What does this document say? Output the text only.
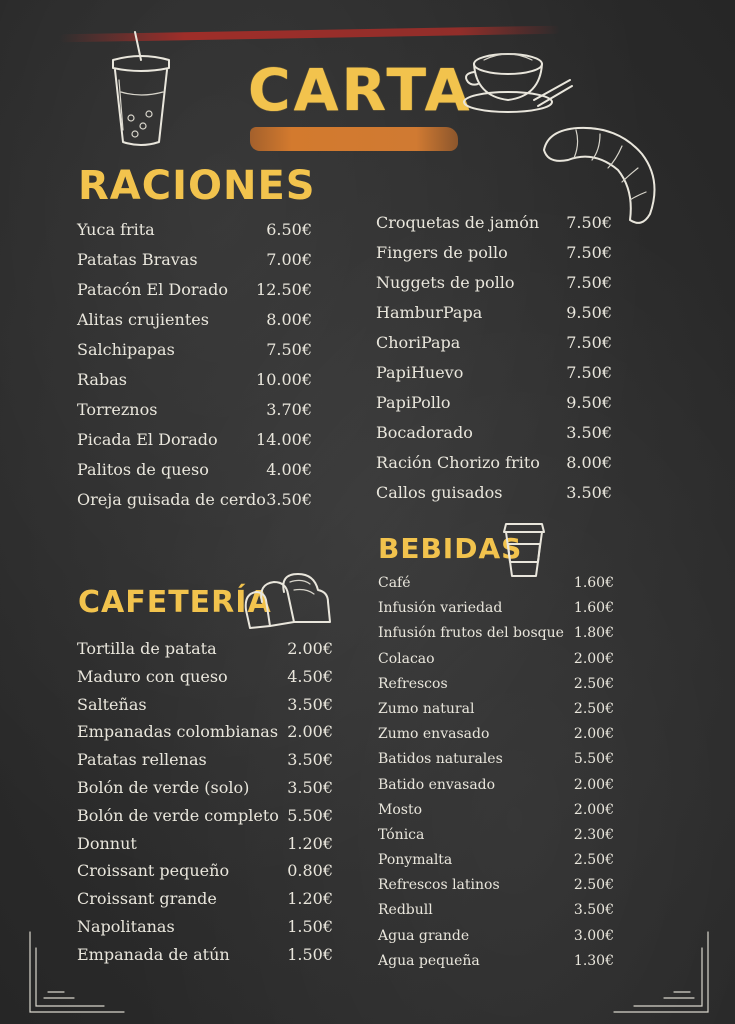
CARTA
RACIONES
Yuca frita	6.50€
Patatas Bravas	7.00€
Patacón El Dorado 12.50€
Alitas crujientes	8.00€
Salchipapas	7.50€
Rabas	10.00€
Torreznos	3.70€
Picada El Dorado 14.00€
Palitos de queso	4.00€
Oreja guisada de cerdo 3.50€
Croquetas de jamón 7.50€
Fingers de pollo	7.50€
Nuggets de pollo	7.50€
HamburPapa	9.50€
ChoriPapa	7.50€
PapiHuevo	7.50€
PapiPollo	9.50€
Bocadorado	3.50€
Ración Chorizo frito 8.00€
Callos guisados	3.50€
CAFETERÍA
Tortilla de patata	2.00€
Maduro con queso	4.50€
Salteñas	3.50€
Empanadas colombianas 2.00€
Patatas rellenas	3.50€
Bolón de verde (solo) 3.50€
Bolón de verde completo 5.50€
Donnut	1.20€
Croissant pequeño	0.80€
Croissant grande	1.20€
Napolitanas	1.50€
Empanada de atún	1.50€
BEBIDAS
Café	1.60€
Infusión variedad	1.60€
Infusión frutos del bosque 1.80€
Colacao	2.00€
Refrescos	2.50€
Zumo natural	2.50€
Zumo envasado	2.00€
Batidos naturales	5.50€
Batido envasado	2.00€
Mosto	2.00€
Tónica	2.30€
Ponymalta	2.50€
Refrescos latinos	2.50€
Redbull	3.50€
Agua grande	3.00€
Agua pequeña	1.30€
